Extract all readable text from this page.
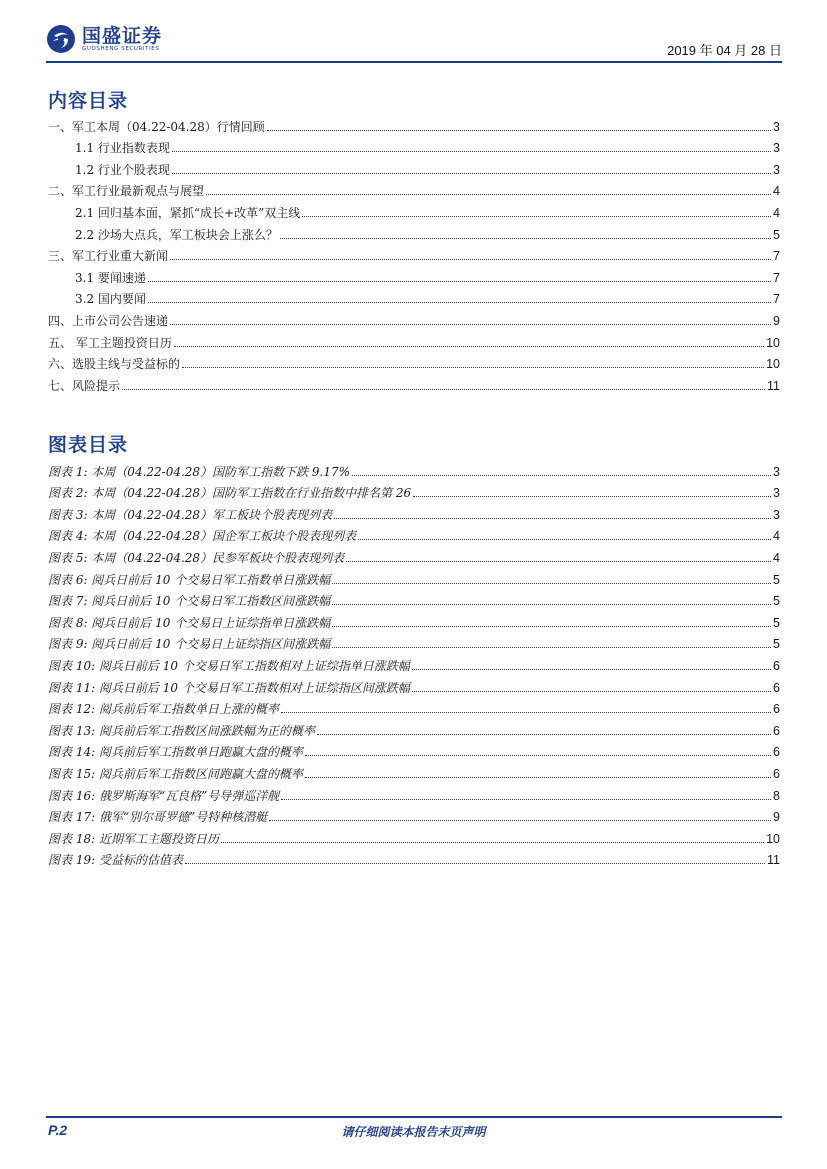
国盛证券
GUOSHENG SECURITIES	2019 年 04 月 28 日
内容目录
一、军工本周（04.22-04.28）行情回顾	3
1.1 行业指数表现	3
1.2 行业个股表现	3
二、军工行业最新观点与展望	4
2.1 回归基本面，紧抓“成长+改革”双主线	4
2.2 沙场大点兵，军工板块会上涨么？	5
三、军工行业重大新闻	7
3.1 要闻速递	7
3.2 国内要闻	7
四、上市公司公告速递	9
五、 军工主题投资日历	10
六、选股主线与受益标的	10
七、风险提示	11
图表目录
图表 1: 本周（04.22-04.28）国防军工指数下跌 9.17%	3
图表 2: 本周（04.22-04.28）国防军工指数在行业指数中排名第 26	3
图表 3: 本周（04.22-04.28）军工板块个股表现列表	3
图表 4: 本周（04.22-04.28）国企军工板块个股表现列表	4
图表 5: 本周（04.22-04.28）民参军板块个股表现列表	4
图表 6: 阅兵日前后 10 个交易日军工指数单日涨跌幅	5
图表 7: 阅兵日前后 10 个交易日军工指数区间涨跌幅	5
图表 8: 阅兵日前后 10 个交易日上证综指单日涨跌幅	5
图表 9: 阅兵日前后 10 个交易日上证综指区间涨跌幅	5
图表 10: 阅兵日前后 10 个交易日军工指数相对上证综指单日涨跌幅	6
图表 11: 阅兵日前后 10 个交易日军工指数相对上证综指区间涨跌幅	6
图表 12: 阅兵前后军工指数单日上涨的概率	6
图表 13: 阅兵前后军工指数区间涨跌幅为正的概率	6
图表 14: 阅兵前后军工指数单日跑赢大盘的概率	6
图表 15: 阅兵前后军工指数区间跑赢大盘的概率	6
图表 16: 俄罗斯海军“瓦良格”号导弹巡洋舰	8
图表 17: 俄军“别尔哥罗德”号特种核潜艇	9
图表 18: 近期军工主题投资日历	10
图表 19: 受益标的估值表	11
P.2	请仔细阅读本报告末页声明
